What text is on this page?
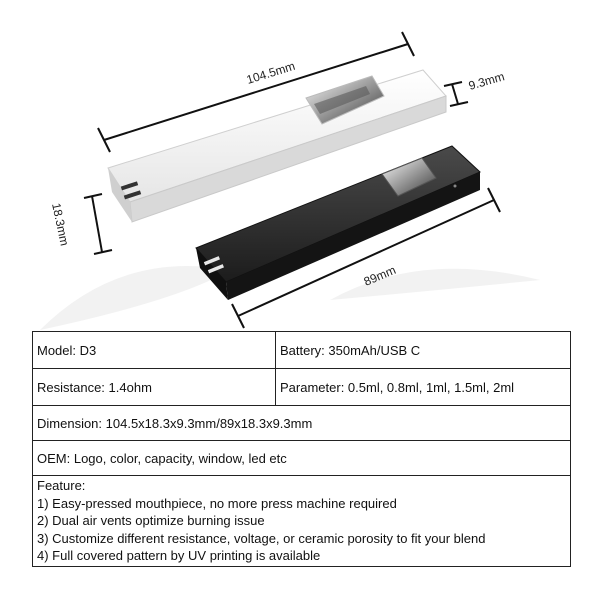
104.5mm	9.3mm
18.3mm
89mm
Model: D3	Battery: 350mAh/USB C
Resistance: 1.4ohm	Parameter: 0.5ml, 0.8ml, 1ml, 1.5ml, 2ml
Dimension: 104.5x18.3x9.3mm/89x18.3x9.3mm	
OEM: Logo, color, capacity, window, led etc	

Feature:
1) Easy-pressed mouthpiece, no more press machine required
2) Dual air vents optimize burning issue
3) Customize different resistance, voltage, or ceramic porosity to fit your blend
4) Full covered pattern by UV printing is available	
